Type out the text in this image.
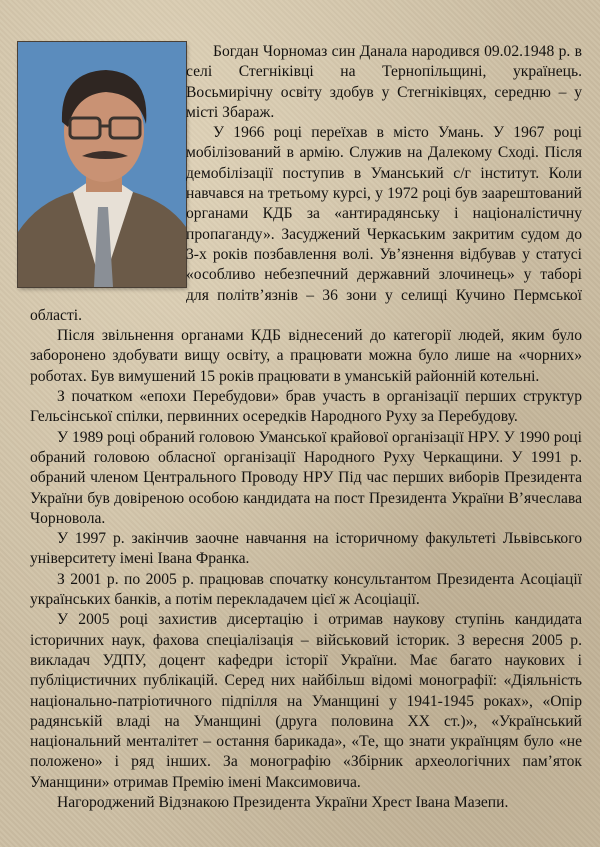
Богдан Чорномаз син Данала народився 09.02.1948 р. в селі Стегніківці на Тернопільщині, українець. Восьмирічну освіту здобув у Стегніківцях, середню – у місті Збараж.

У 1966 році переїхав в місто Умань. У 1967 році мобілізований в армію. Служив на Далекому Сході. Після демобілізації поступив в Уманський с/г інститут. Коли навчався на третьому курсі, у 1972 році був заарештований органами КДБ за «антирадянську і націоналістичну пропаганду». Засуджений Черкаським закритим судом до 3-х років позбавлення волі. Ув’язнення відбував у статусі «особливо небезпечний державний злочинець» у таборі для політв’язнів – 36 зони у селищі Кучино Пермської області.

Після звільнення органами КДБ віднесений до категорії людей, яким було заборонено здобувати вищу освіту, а працювати можна було лише на «чорних» роботах. Був вимушений 15 років працювати в уманській районній котельні.

З початком «епохи Перебудови» брав участь в організації перших структур Гельсінської спілки, первинних осередків Народного Руху за Перебудову.

У 1989 році обраний головою Уманської крайової організації НРУ. У 1990 році обраний головою обласної організації Народного Руху Черкащини. У 1991 р. обраний членом Центрального Проводу НРУ Під час перших виборів Президента України був довіреною особою кандидата на пост Президента України В’ячеслава Чорновола.

У 1997 р. закінчив заочне навчання на історичному факультеті Львівського університету імені Івана Франка.

З 2001 р. по 2005 р. працював спочатку консультантом Президента Асоціації українських банків, а потім перекладачем цієї ж Асоціації.

У 2005 році захистив дисертацію і отримав наукову ступінь кандидата історичних наук, фахова спеціалізація – військовий історик. З вересня 2005 р. викладач УДПУ, доцент кафедри історії України. Має багато наукових і публіцистичних публікацій. Серед них найбільш відомі монографії: «Діяльність національно-патріотичного підпілля на Уманщині у 1941-1945 роках», «Опір радянській владі на Уманщині (друга половина ХХ ст.)», «Український національний менталітет – остання барикада», «Те, що знати українцям було «не положено» і ряд інших. За монографію «Збірник археологічних пам’яток Уманщини» отримав Премію імені Максимовича.

Нагороджений Відзнакою Президента України Хрест Івана Мазепи.
